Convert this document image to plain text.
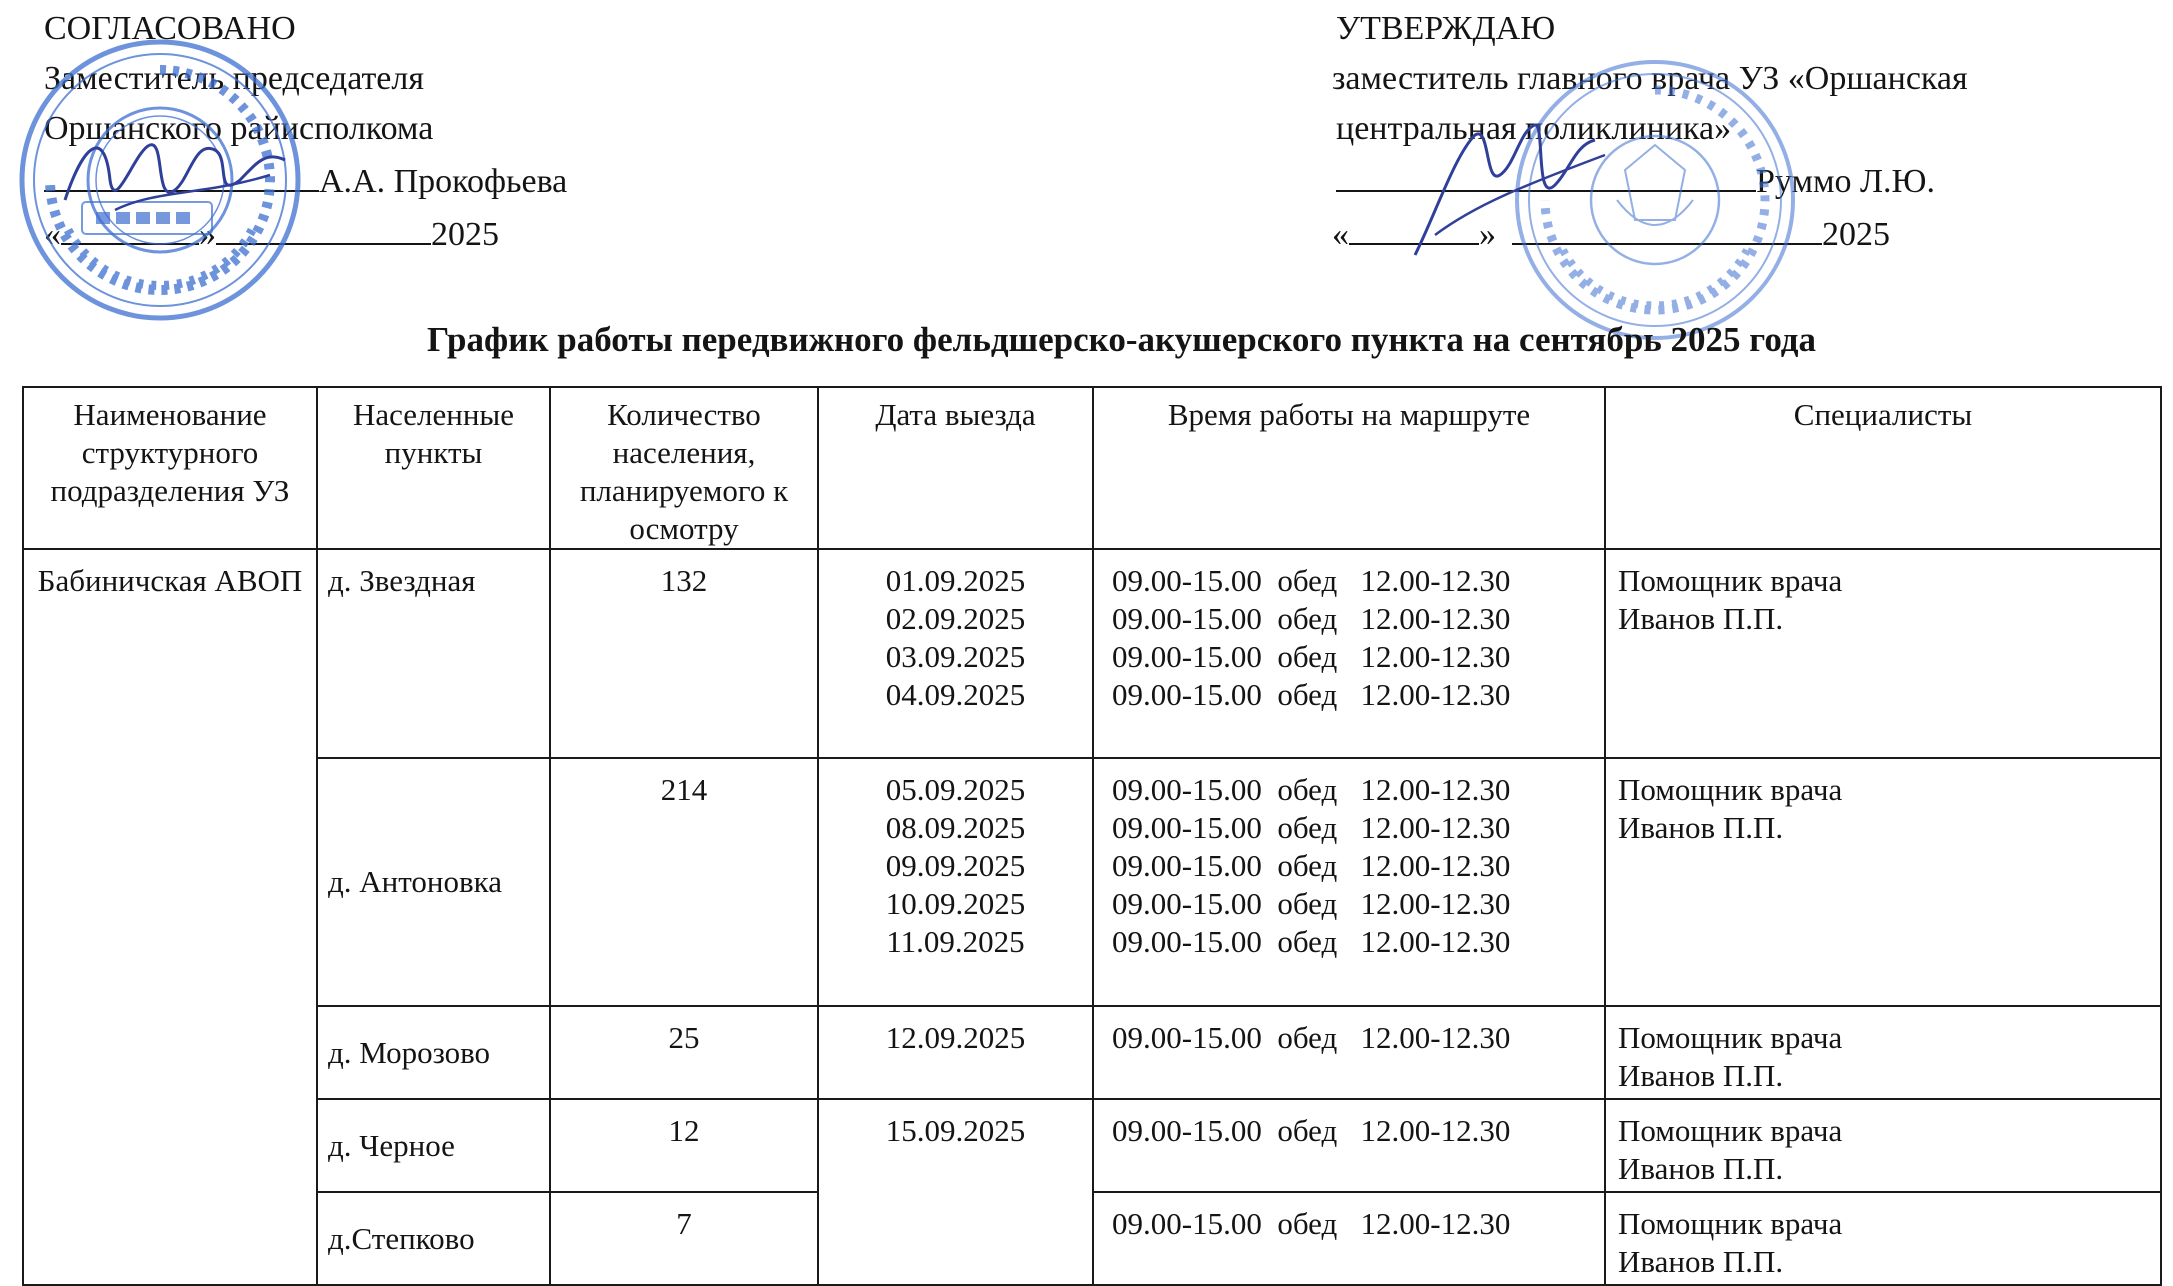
СОГЛАСОВАНО
Заместитель председателя
Оршанского райисполкома
А.А. Прокофьева
«	»	2025
УТВЕРЖДАЮ
заместитель главного врача УЗ «Оршанская
центральная поликлиника»
Руммо Л.Ю.
«	»	2025
График работы передвижного фельдшерско-акушерского пункта на сентябрь 2025 года
Наименование структурного подразделения УЗ	Населенные пункты	Количество населения, планируемого к осмотру	Дата выезда	Время работы на маршруте	Специалисты
Бабиничская АВОП	д. Звездная	132	01.09.2025
02.09.2025
03.09.2025
04.09.2025	09.00-15.00  обед   12.00-12.30
09.00-15.00  обед   12.00-12.30
09.00-15.00  обед   12.00-12.30
09.00-15.00  обед   12.00-12.30	Помощник врача
Иванов П.П.

	д. Антоновка	214	05.09.2025
08.09.2025
09.09.2025
10.09.2025
11.09.2025	09.00-15.00  обед   12.00-12.30
09.00-15.00  обед   12.00-12.30
09.00-15.00  обед   12.00-12.30
09.00-15.00  обед   12.00-12.30
09.00-15.00  обед   12.00-12.30	Помощник врача
Иванов П.П.

	д. Морозово	25	12.09.2025	09.00-15.00  обед   12.00-12.30	Помощник врача
Иванов П.П.

	д. Черное	12	15.09.2025	09.00-15.00  обед   12.00-12.30	Помощник врача
Иванов П.П.

	д.Степково	7		09.00-15.00  обед   12.00-12.30	Помощник врача
Иванов П.П.
